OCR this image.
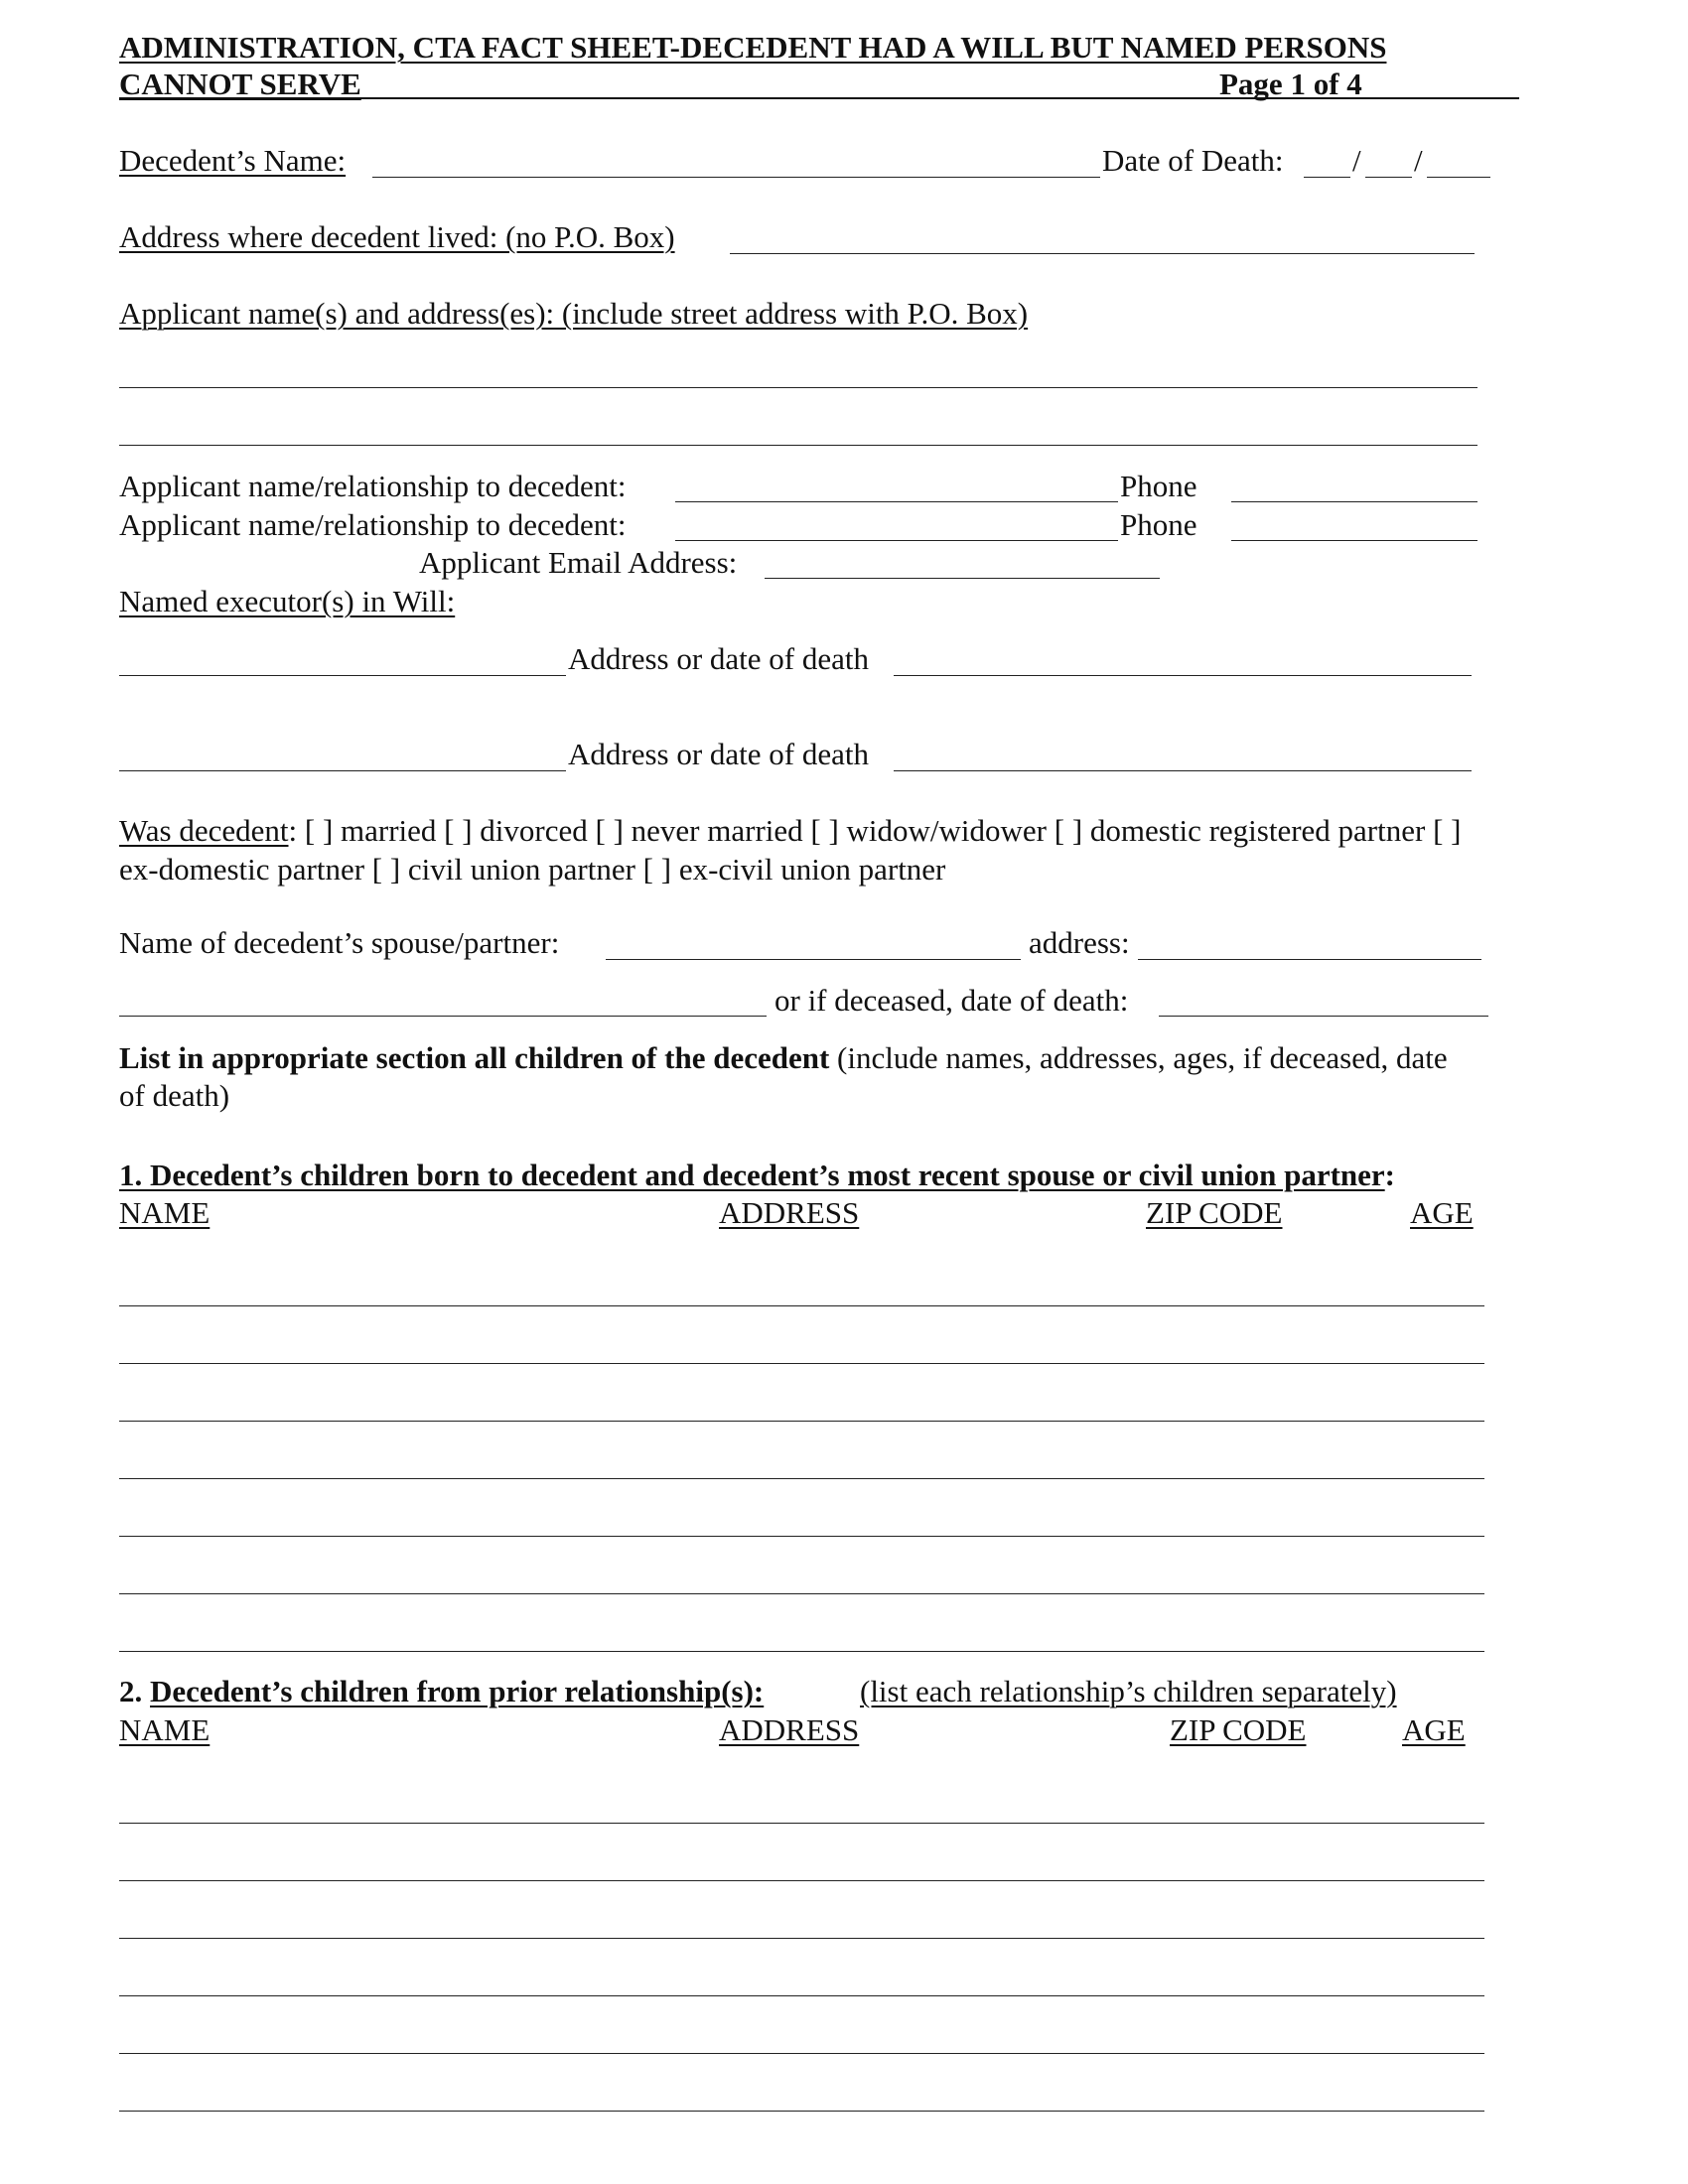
ADMINISTRATION, CTA FACT SHEET-DECEDENT HAD A WILL BUT NAMED PERSONS
CANNOT SERVE	Page 1 of 4
Decedent’s Name:	Date of Death: / /
Address where decedent lived: (no P.O. Box)
Applicant name(s) and address(es): (include street address with P.O. Box)
Applicant name/relationship to decedent:	Phone
Applicant name/relationship to decedent:	Phone
Applicant Email Address:
Named executor(s) in Will:
Address or date of death
Address or date of death
Was decedent: [ ] married [ ] divorced [ ] never married [ ] widow/widower [ ] domestic registered partner [ ]
ex-domestic partner [ ] civil union partner [ ] ex-civil union partner
Name of decedent’s spouse/partner:	address:
or if deceased, date of death:
List in appropriate section all children of the decedent (include names, addresses, ages, if deceased, date
of death)
1. Decedent’s children born to decedent and decedent’s most recent spouse or civil union partner:
NAME	ADDRESS	ZIP CODE	AGE
2. Decedent’s children from prior relationship(s):	(list each relationship’s children separately)
NAME	ADDRESS	ZIP CODE	AGE
